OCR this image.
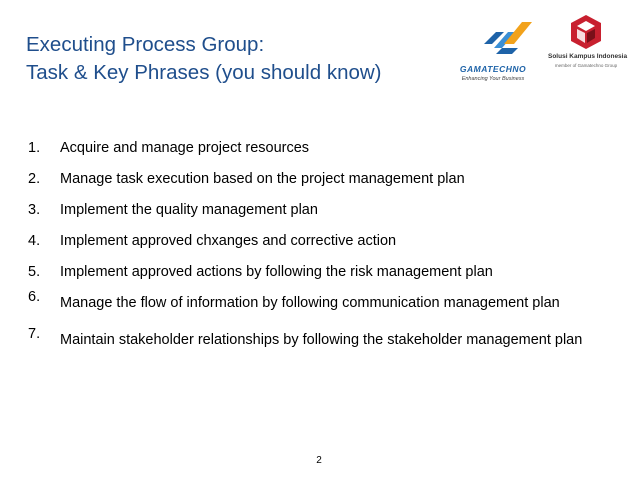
Executing Process Group:
Task & Key Phrases (you should know)	GAMATECHNO
Enhancing Your Business
Solusi Kampus Indonesia
member of Gamatechno Group
1. Acquire and manage project resources
2. Manage task execution based on the project management plan
3. Implement the quality management plan
4. Implement approved chxanges and corrective action
5. Implement approved actions by following the risk management plan
6. Manage the flow of information by following communication management plan
7. Maintain stakeholder relationships by following the stakeholder management plan
2
